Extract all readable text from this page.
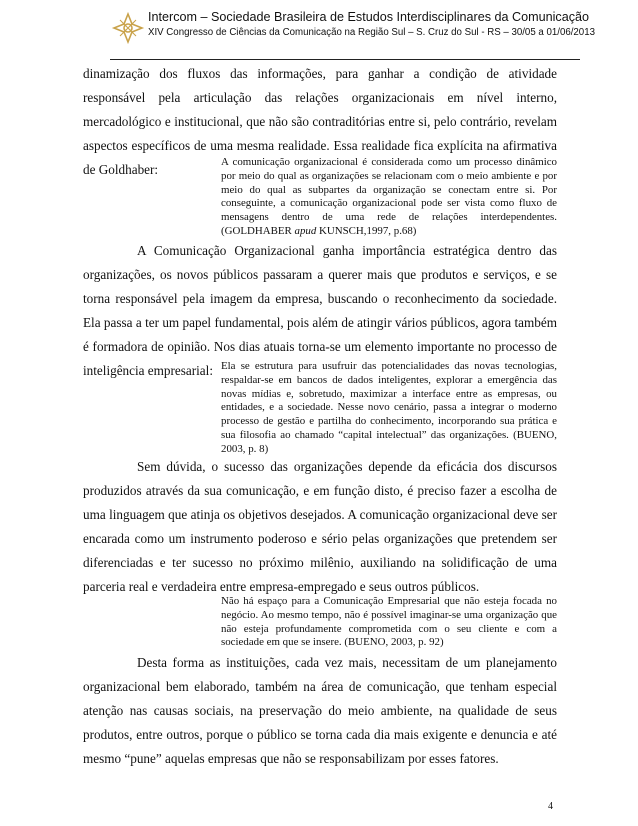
Intercom – Sociedade Brasileira de Estudos Interdisciplinares da Comunicação
XIV Congresso de Ciências da Comunicação na Região Sul – S. Cruz do Sul - RS – 30/05 a 01/06/2013

dinamização dos fluxos das informações, para ganhar a condição de atividade responsável pela articulação das relações organizacionais em nível interno, mercadológico e institucional, que não são contraditórias entre si, pelo contrário, revelam aspectos específicos de uma mesma realidade. Essa realidade fica explícita na afirmativa de Goldhaber:

A comunicação organizacional é considerada como um processo dinâmico por meio do qual as organizações se relacionam com o meio ambiente e por meio do qual as subpartes da organização se conectam entre si. Por conseguinte, a comunicação organizacional pode ser vista como fluxo de mensagens dentro de uma rede de relações interdependentes. (GOLDHABER apud KUNSCH,1997, p.68)

A Comunicação Organizacional ganha importância estratégica dentro das organizações, os novos públicos passaram a querer mais que produtos e serviços, e se torna responsável pela imagem da empresa, buscando o reconhecimento da sociedade. Ela passa a ter um papel fundamental, pois além de atingir vários públicos, agora também é formadora de opinião. Nos dias atuais torna-se um elemento importante no processo de inteligência empresarial: Ela se estrutura para usufruir das potencialidades das novas tecnologias, respaldar-se em bancos de dados inteligentes, explorar a emergência das novas mídias e, sobretudo, maximizar a interface entre as empresas, ou entidades, e a sociedade. Nesse novo cenário, passa a integrar o moderno processo de gestão e partilha do conhecimento, incorporando sua prática e sua filosofia ao chamado “capital intelectual” das organizações. (BUENO, 2003, p. 8)

Sem dúvida, o sucesso das organizações depende da eficácia dos discursos produzidos através da sua comunicação, e em função disto, é preciso fazer a escolha de uma linguagem que atinja os objetivos desejados. A comunicação organizacional deve ser encarada como um instrumento poderoso e sério pelas organizações que pretendem ser diferenciadas e ter sucesso no próximo milênio, auxiliando na solidificação de uma parceria real e verdadeira entre empresa-empregado e seus outros públicos.

Não há espaço para a Comunicação Empresarial que não esteja focada no negócio. Ao mesmo tempo, não é possível imaginar-se uma organização que não esteja profundamente comprometida com o seu cliente e com a sociedade em que se insere. (BUENO, 2003, p. 92)

Desta forma as instituições, cada vez mais, necessitam de um planejamento organizacional bem elaborado, também na área de comunicação, que tenham especial atenção nas causas sociais, na preservação do meio ambiente, na qualidade de seus produtos, entre outros, porque o público se torna cada dia mais exigente e denuncia e até mesmo “pune” aquelas empresas que não se responsabilizam por esses fatores.

4
